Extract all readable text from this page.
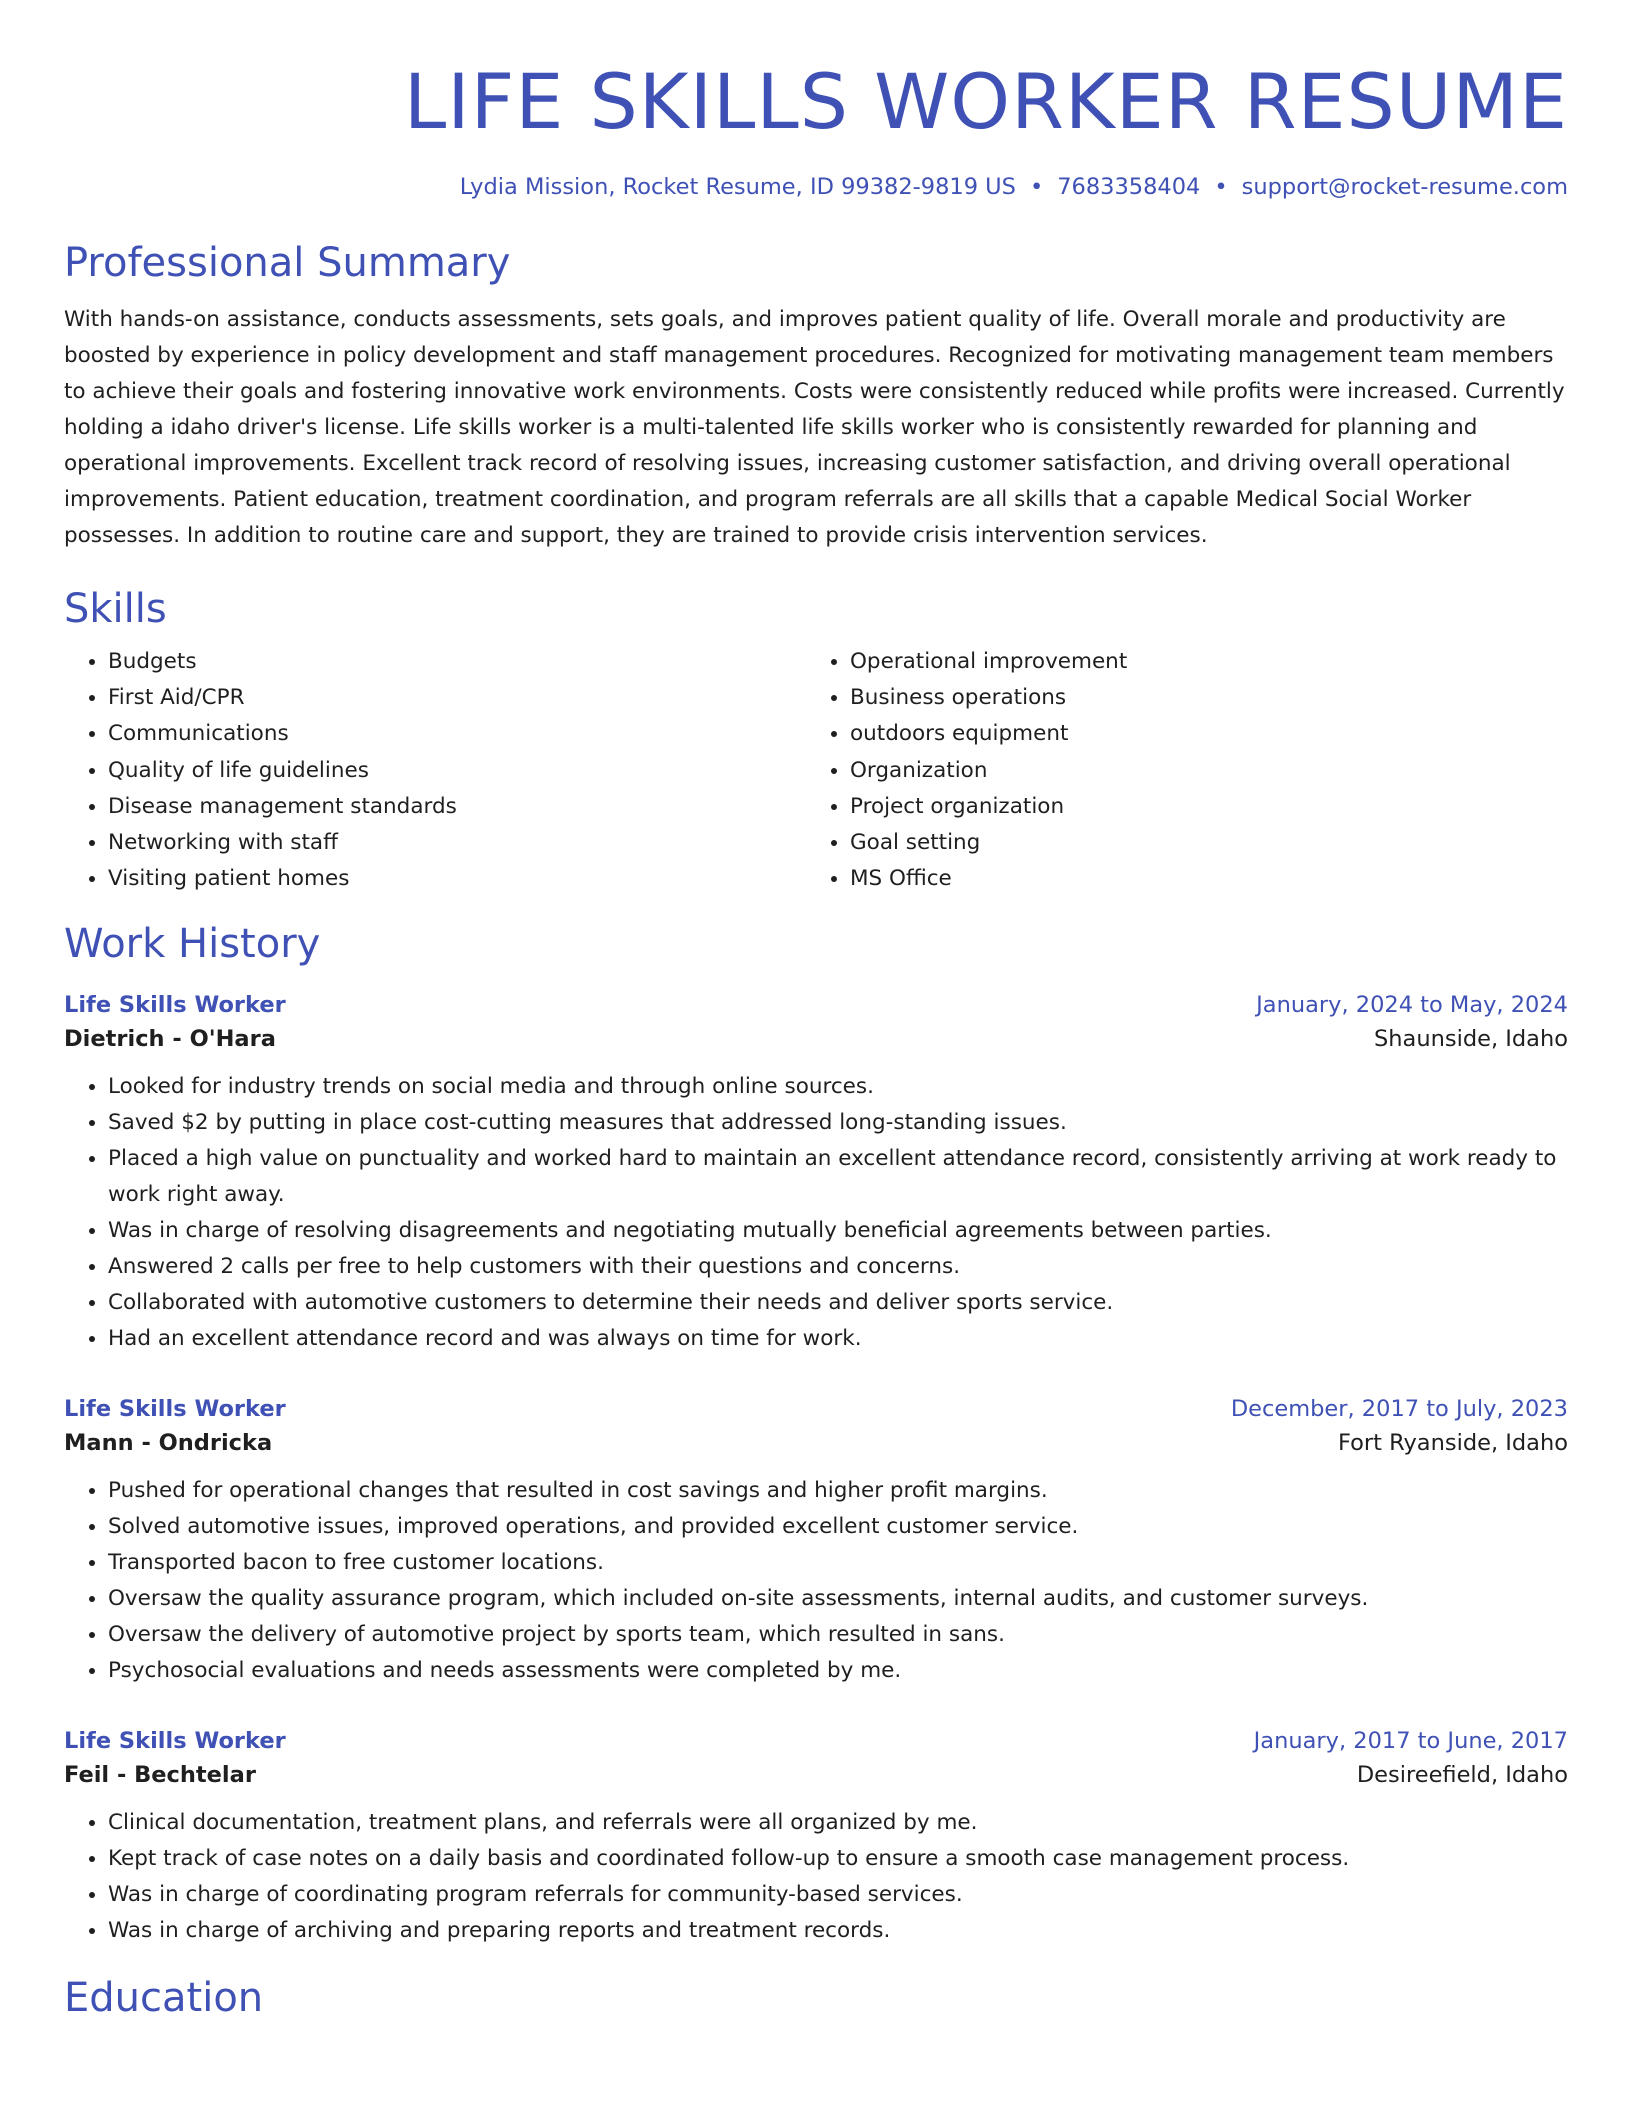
LIFE SKILLS WORKER RESUME
Lydia Mission, Rocket Resume, ID 99382-9819 US • 7683358404 • support@rocket-resume.com
Professional Summary

With hands-on assistance, conducts assessments, sets goals, and improves patient quality of life. Overall morale and productivity are boosted by experience in policy development and staff management procedures. Recognized for motivating management team members to achieve their goals and fostering innovative work environments. Costs were consistently reduced while profits were increased. Currently holding a idaho driver's license. Life skills worker is a multi-talented life skills worker who is consistently rewarded for planning and operational improvements. Excellent track record of resolving issues, increasing customer satisfaction, and driving overall operational improvements. Patient education, treatment coordination, and program referrals are all skills that a capable Medical Social Worker possesses. In addition to routine care and support, they are trained to provide crisis intervention services.

Skills
• Budgets
• First Aid/CPR
• Communications
• Quality of life guidelines
• Disease management standards
• Networking with staff
• Visiting patient homes
• Operational improvement
• Business operations
• outdoors equipment
• Organization
• Project organization
• Goal setting
• MS Office
Work History
Life Skills Worker	January, 2024 to May, 2024
Dietrich - O'Hara	Shaunside, Idaho
• Looked for industry trends on social media and through online sources.
• Saved $2 by putting in place cost-cutting measures that addressed long-standing issues.
• Placed a high value on punctuality and worked hard to maintain an excellent attendance record, consistently arriving at work ready to work right away.
• Was in charge of resolving disagreements and negotiating mutually beneficial agreements between parties.
• Answered 2 calls per free to help customers with their questions and concerns.
• Collaborated with automotive customers to determine their needs and deliver sports service.
• Had an excellent attendance record and was always on time for work.
Life Skills Worker	December, 2017 to July, 2023
Mann - Ondricka	Fort Ryanside, Idaho
• Pushed for operational changes that resulted in cost savings and higher profit margins.
• Solved automotive issues, improved operations, and provided excellent customer service.
• Transported bacon to free customer locations.
• Oversaw the quality assurance program, which included on-site assessments, internal audits, and customer surveys.
• Oversaw the delivery of automotive project by sports team, which resulted in sans.
• Psychosocial evaluations and needs assessments were completed by me.
Life Skills Worker	January, 2017 to June, 2017
Feil - Bechtelar	Desireefield, Idaho
• Clinical documentation, treatment plans, and referrals were all organized by me.
• Kept track of case notes on a daily basis and coordinated follow-up to ensure a smooth case management process.
• Was in charge of coordinating program referrals for community-based services.
• Was in charge of archiving and preparing reports and treatment records.
Education
